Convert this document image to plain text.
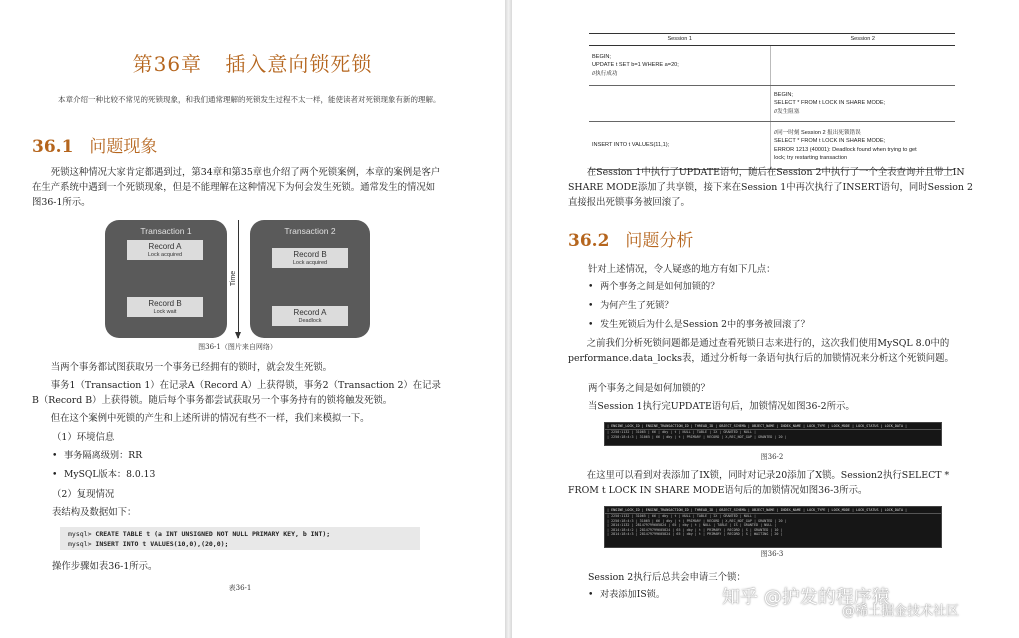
第36章 插入意向锁死锁
本章介绍一种比较不常见的死锁现象，和我们通常理解的死锁发生过程不太一样，能使读者对死锁现象有新的理解。
36.1 问题现象
死锁这种情况大家肯定都遇到过，第34章和第35章也介绍了两个死锁案例，本章的案例是客户在生产系统中遇到一个死锁现象，但是不能理解在这种情况下为何会发生死锁。通常发生的情况如图36-1所示。
Transaction 1
Record A
Lock acquired
Record B
Lock wait
Time
Transaction 2
Record B
Lock acquired
Record A
Deadlock
图36-1（图片来自网络）
当两个事务都试图获取另一个事务已经拥有的锁时，就会发生死锁。
事务1（Transaction 1）在记录A（Record A）上获得锁，事务2（Transaction 2）在记录B（Record B）上获得锁。随后每个事务都尝试获取另一个事务持有的锁将触发死锁。
但在这个案例中死锁的产生和上述所讲的情况有些不一样，我们来模拟一下。
（1）环境信息
• 事务隔离级别：RR
• MySQL版本：8.0.13
（2）复现情况
表结构及数据如下：
mysql> CREATE TABLE t (a INT UNSIGNED NOT NULL PRIMARY KEY, b INT);
mysql> INSERT INTO t VALUES(10,0),(20,0);
操作步骤如表36-1所示。
表36-1
Session 1	Session 2

BEGIN;
UPDATE t SET b=1 WHERE a=20;
//执行成功	

	BEGIN;
SELECT * FROM t LOCK IN SHARE MODE;
//发生阻塞

INSERT INTO t VALUES(11,1);	//同一时刻 Session 2 报出死锁错误
SELECT * FROM t LOCK IN SHARE MODE;
ERROR 1213 (40001): Deadlock found when trying to get
lock; try restarting transaction
在Session 1中执行了UPDATE语句，随后在Session 2中执行了一个全表查询并且带上IN SHARE MODE添加了共享锁，接下来在Session 1中再次执行了INSERT语句，同时Session 2直接报出死锁事务被回滚了。
36.2 问题分析
针对上述情况，令人疑惑的地方有如下几点：
• 两个事务之间是如何加锁的？
• 为何产生了死锁？
• 发生死锁后为什么是Session 2中的事务被回滚了？
之前我们分析死锁问题都是通过查看死锁日志来进行的，这次我们使用MySQL 8.0中的performance.data_locks表，通过分析每一条语句执行后的加锁情况来分析这个死锁问题。
两个事务之间是如何加锁的？
当Session 1执行完UPDATE语句后，加锁情况如图36-2所示。
| ENGINE_LOCK_ID | ENGINE_TRANSACTION_ID | THREAD_ID | OBJECT_SCHEMA | OBJECT_NAME | INDEX_NAME | LOCK_TYPE | LOCK_MODE | LOCK_STATUS | LOCK_DATA |
| 2250:1132 | 31065 | 66 | dby | t | NULL | TABLE | IX | GRANTED | NULL |
| 2250:18:4:3 | 31065 | 66 | dby | t | PRIMARY | RECORD | X,REC_NOT_GAP | GRANTED | 20 |
图36-2
在这里可以看到对表添加了IX锁，同时对记录20添加了X锁。Session2执行SELECT * FROM t LOCK IN SHARE MODE语句后的加锁情况如图36-3所示。
| ENGINE_LOCK_ID | ENGINE_TRANSACTION_ID | THREAD_ID | OBJECT_SCHEMA | OBJECT_NAME | INDEX_NAME | LOCK_TYPE | LOCK_MODE | LOCK_STATUS | LOCK_DATA |
| 2250:1132 | 31065 | 66 | dby | t | NULL | TABLE | IX | GRANTED | NULL |
| 2250:18:4:3 | 31065 | 66 | dby | t | PRIMARY | RECORD | X,REC_NOT_GAP | GRANTED | 20 |
| 2814:1132 | 281479799605824 | 65 | dby | t | NULL | TABLE | IS | GRANTED | NULL |
| 2814:18:4:2 | 281479799605824 | 65 | dby | t | PRIMARY | RECORD | S | GRANTED | 10 |
| 2814:18:4:3 | 281479799605824 | 65 | dby | t | PRIMARY | RECORD | S | WAITING | 20 |
图36-3
Session 2执行后总共会申请三个锁：
• 对表添加IS锁。	知乎 @护发的程序猿
@稀土掘金技术社区
